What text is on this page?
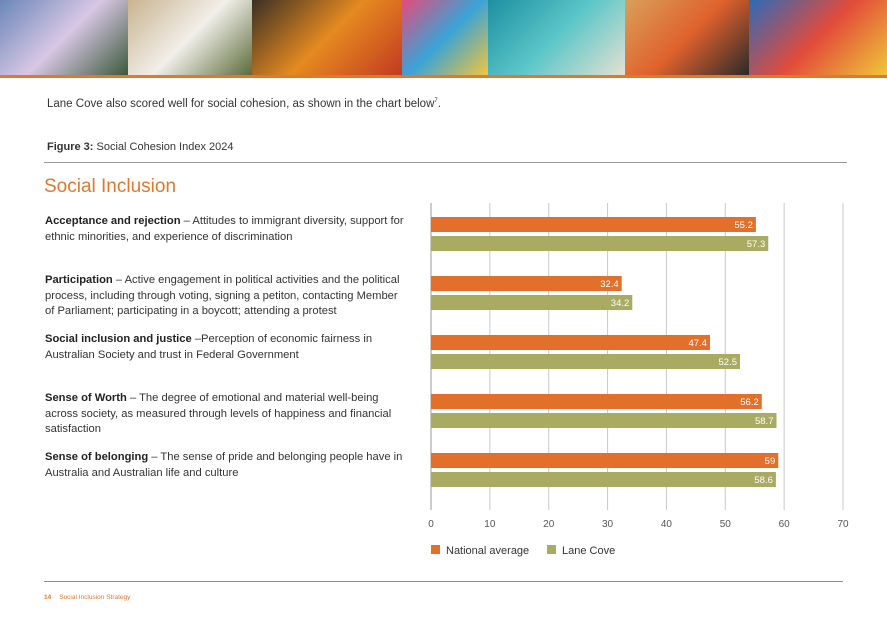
Lane Cove also scored well for social cohesion, as shown in the chart below$^7$.
Figure 3: Social Cohesion Index 2024
Social Inclusion
Acceptance and rejection – Attitudes to immigrant diversity, support for ethnic minorities, and experience of discrimination
Participation – Active engagement in political activities and the political process, including through voting, signing a petiton, contacting Member of Parliament; participating in a boycott; attending a protest
Social inclusion and justice –Perception of economic fairness in Australian Society and trust in Federal Government
Sense of Worth – The degree of emotional and material well-being across society, as measured through levels of happiness and financial satisfaction
Sense of belonging – The sense of pride and belonging people have in Australia and Australian life and culture
0	10	20	30	40	50	60	70
55.2
57.3
32.4
34.2
47.4
52.5
56.2
58.7
59
58.6
National average	Lane Cove
14 Social Inclusion Strategy
